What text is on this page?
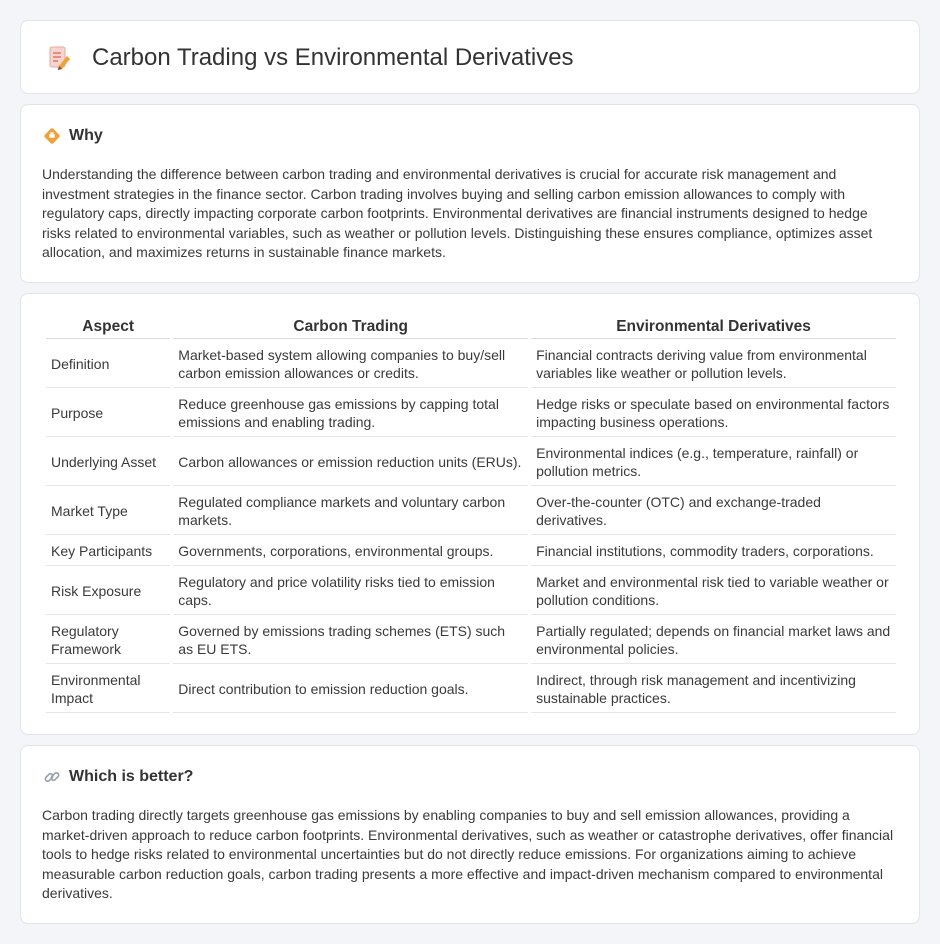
Carbon Trading vs Environmental Derivatives
Why

Understanding the difference between carbon trading and environmental derivatives is crucial for accurate risk management and investment strategies in the finance sector. Carbon trading involves buying and selling carbon emission allowances to comply with regulatory caps, directly impacting corporate carbon footprints. Environmental derivatives are financial instruments designed to hedge risks related to environmental variables, such as weather or pollution levels. Distinguishing these ensures compliance, optimizes asset allocation, and maximizes returns in sustainable finance markets.

Aspect	Carbon Trading	Environmental Derivatives
Definition	Market-based system allowing companies to buy/sell carbon emission allowances or credits.	Financial contracts deriving value from environmental variables like weather or pollution levels.
Purpose	Reduce greenhouse gas emissions by capping total emissions and enabling trading.	Hedge risks or speculate based on environmental factors impacting business operations.
Underlying Asset	Carbon allowances or emission reduction units (ERUs).	Environmental indices (e.g., temperature, rainfall) or pollution metrics.
Market Type	Regulated compliance markets and voluntary carbon markets.	Over-the-counter (OTC) and exchange-traded derivatives.
Key Participants	Governments, corporations, environmental groups.	Financial institutions, commodity traders, corporations.
Risk Exposure	Regulatory and price volatility risks tied to emission caps.	Market and environmental risk tied to variable weather or pollution conditions.
Regulatory Framework	Governed by emissions trading schemes (ETS) such as EU ETS.	Partially regulated; depends on financial market laws and environmental policies.
Environmental Impact	Direct contribution to emission reduction goals.	Indirect, through risk management and incentivizing sustainable practices.
Which is better?

Carbon trading directly targets greenhouse gas emissions by enabling companies to buy and sell emission allowances, providing a market-driven approach to reduce carbon footprints. Environmental derivatives, such as weather or catastrophe derivatives, offer financial tools to hedge risks related to environmental uncertainties but do not directly reduce emissions. For organizations aiming to achieve measurable carbon reduction goals, carbon trading presents a more effective and impact-driven mechanism compared to environmental derivatives.
